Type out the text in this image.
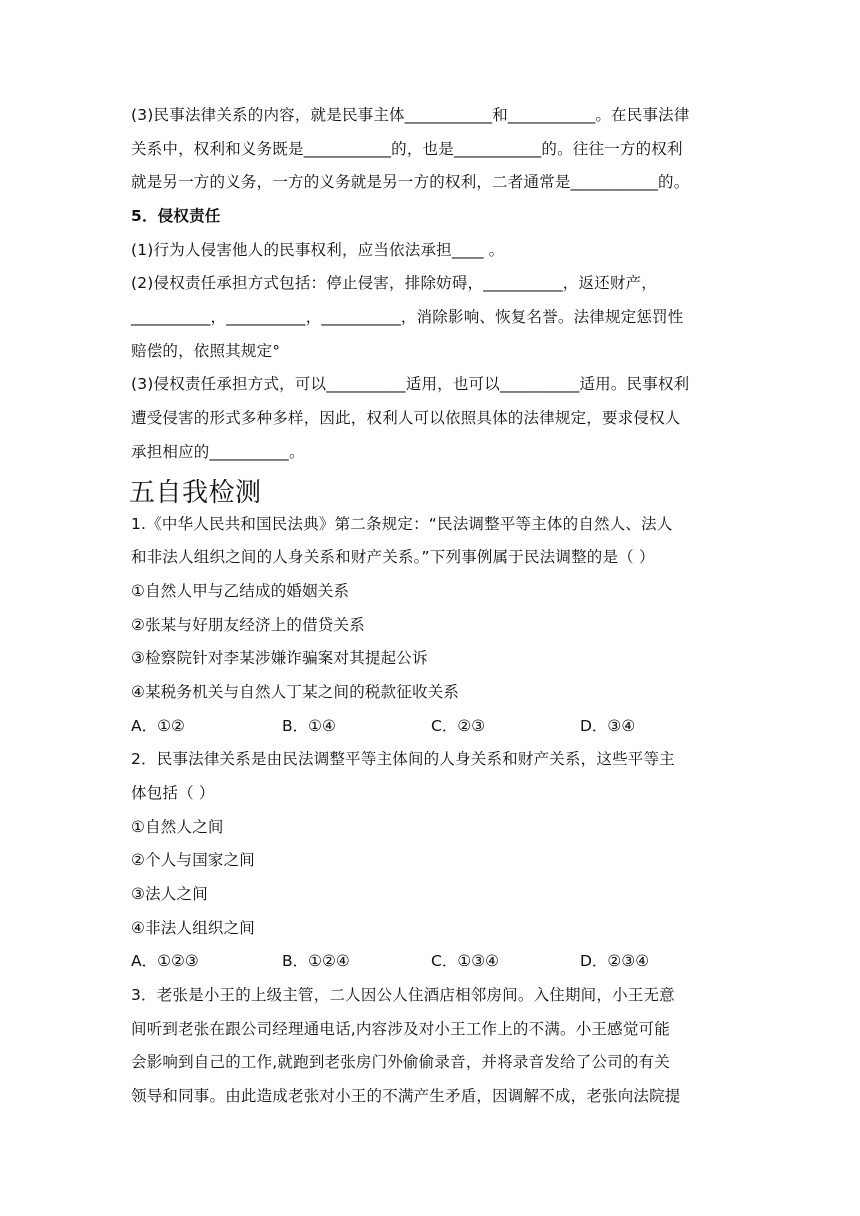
(3)民事法律关系的内容，就是民事主体___________和___________。在民事法律
关系中，权利和义务既是___________的，也是___________的。往往一方的权利
就是另一方的义务，一方的义务就是另一方的权利，二者通常是___________的。
5．侵权责任
(1)行为人侵害他人的民事权利，应当依法承担____ 。
(2)侵权责任承担方式包括：停止侵害，排除妨碍，__________，返还财产，
__________，__________，__________，消除影响、恢复名誉。法律规定惩罚性
赔偿的，依照其规定°
(3)侵权责任承担方式，可以__________适用，也可以__________适用。民事权利
遭受侵害的形式多种多样，因此，权利人可以依照具体的法律规定，要求侵权人
承担相应的__________。
五自我检测
1.《中华人民共和国民法典》第二条规定：“民法调整平等主体的自然人、法人
和非法人组织之间的人身关系和财产关系。”下列事例属于民法调整的是（ ）
①自然人甲与乙结成的婚姻关系
②张某与好朋友经济上的借贷关系
③检察院针对李某涉嫌诈骗案对其提起公诉
④某税务机关与自然人丁某之间的税款征收关系
A．①②	B．①④	C．②③	D．③④
2．民事法律关系是由民法调整平等主体间的人身关系和财产关系，这些平等主
体包括（ ）
①自然人之间
②个人与国家之间
③法人之间
④非法人组织之间
A．①②③	B．①②④	C．①③④	D．②③④
3．老张是小王的上级主管，二人因公人住酒店相邻房间。入住期间，小王无意
间听到老张在跟公司经理通电话,内容涉及对小王工作上的不满。小王感觉可能
会影响到自己的工作,就跑到老张房门外偷偷录音，并将录音发给了公司的有关
领导和同事。由此造成老张对小王的不满产生矛盾，因调解不成，老张向法院提
